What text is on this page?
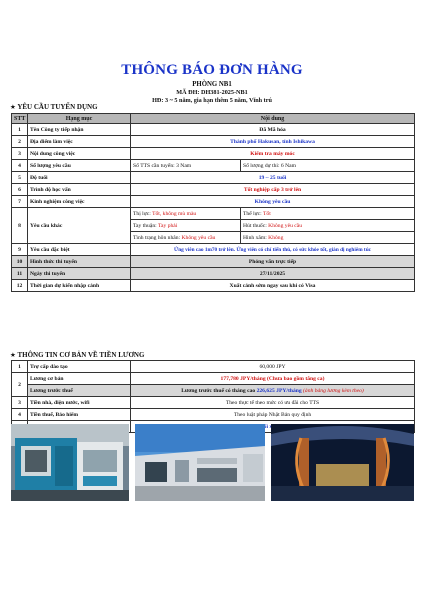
THÔNG BÁO ĐƠN HÀNG
PHÒNG NB1
MÃ ĐH: DH381-2025-NB1
HĐ: 3 ~ 5 năm, gia hạn thêm 5 năm, Vĩnh trú
★ YÊU CẦU TUYỂN DỤNG
STT	Hạng mục	Nội dung	
1	Tên Công ty tiếp nhận	Đã Mã hóa	
2	Địa điểm làm việc	Thành phố Hakusan, tỉnh Ishikawa	
3	Nội dung công việc	Kiểm tra máy móc	
4	Số lượng yêu cầu	Số TTS cần tuyển: 3 Nam	Số lượng dự thi: 6 Nam
5	Độ tuổi	19 ~ 25 tuổi	
6	Trình độ học vấn	Tốt nghiệp cấp 3 trở lên	
7	Kinh nghiệm công việc	Không yêu cầu	
8	Yêu cầu khác	Thị lực: Tốt, không mù màu	Thể lực: Tốt
		Tay thuận: Tay phải	Hút thuốc: Không yêu cầu
		Tình trạng hôn nhân: Không yêu cầu	Hình xăm: Không
9	Yêu cầu đặc biệt	Ứng viên cao 1m70 trở lên. Ứng viên có chí tiến thủ, có sức khỏe tốt, giàn dị nghiêm túc	
10	Hình thức thi tuyển	Phỏng vấn trực tiếp	
11	Ngày thi tuyển	27/11/2025	
12	Thời gian dự kiến nhập cảnh	Xuất cảnh sớm ngay sau khi có Visa	
★ THÔNG TIN CƠ BẢN VỀ TIỀN LƯƠNG
1	Trợ cấp đào tạo	60,000 JPY
2	Lương cơ bản	177,780 JPY/tháng (Chưa bao gồm tăng ca)
	Lương trước thuế	Lương trước thuế có tháng cao 226,625 JPY/tháng (ảnh bảng lương kèm theo)
3	Tiền nhà, điện nước, wifi	Theo thực tế theo mức có ưu đãi cho TTS
4	Tiền thuế, Bảo hiểm	Theo luật pháp Nhật Bản quy định
